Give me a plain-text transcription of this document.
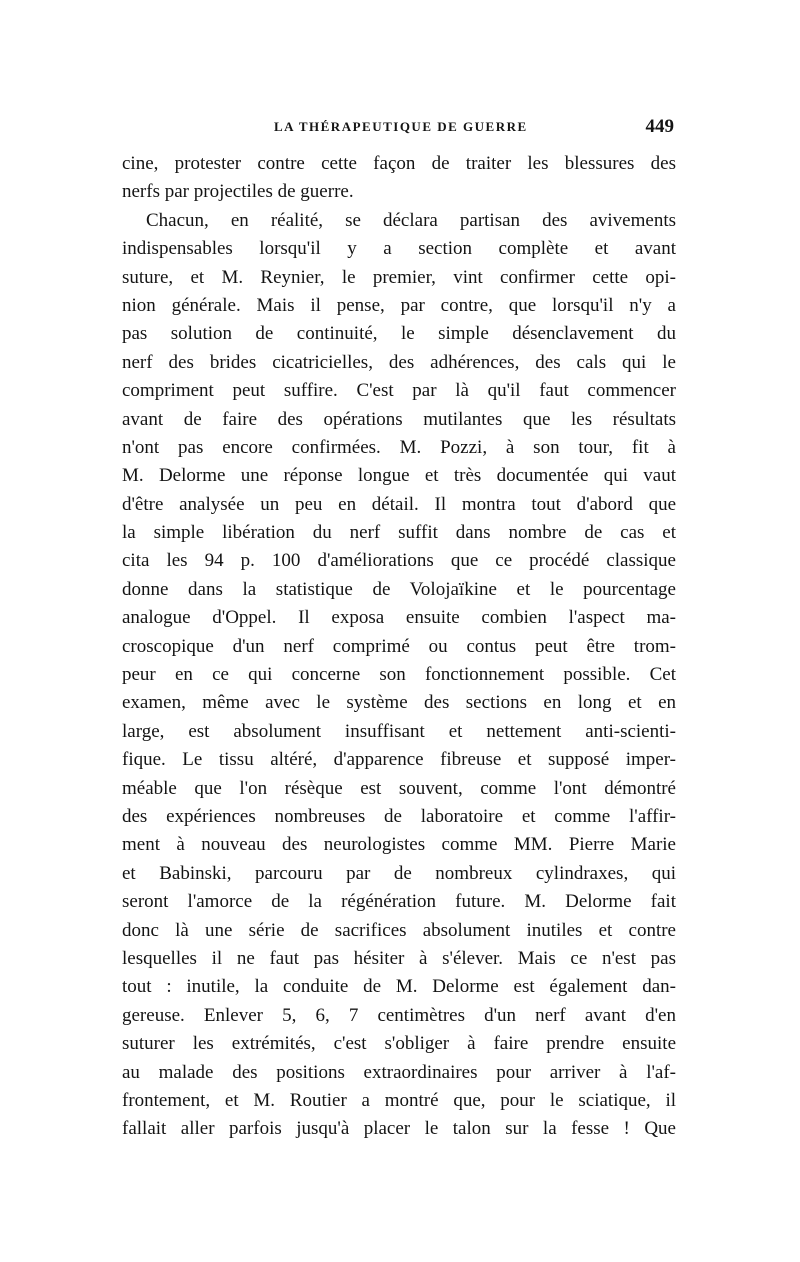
LA THÉRAPEUTIQUE DE GUERRE	449
cine, protester contre cette façon de traiter les blessures des
nerfs par projectiles de guerre.
Chacun, en réalité, se déclara partisan des avivements
indispensables lorsqu'il y a section complète et avant
suture, et M. Reynier, le premier, vint confirmer cette opi-
nion générale. Mais il pense, par contre, que lorsqu'il n'y a
pas solution de continuité, le simple désenclavement du
nerf des brides cicatricielles, des adhérences, des cals qui le
compriment peut suffire. C'est par là qu'il faut commencer
avant de faire des opérations mutilantes que les résultats
n'ont pas encore confirmées. M. Pozzi, à son tour, fit à
M. Delorme une réponse longue et très documentée qui vaut
d'être analysée un peu en détail. Il montra tout d'abord que
la simple libération du nerf suffit dans nombre de cas et
cita les 94 p. 100 d'améliorations que ce procédé classique
donne dans la statistique de Volojaïkine et le pourcentage
analogue d'Oppel. Il exposa ensuite combien l'aspect ma-
croscopique d'un nerf comprimé ou contus peut être trom-
peur en ce qui concerne son fonctionnement possible. Cet
examen, même avec le système des sections en long et en
large, est absolument insuffisant et nettement anti-scienti-
fique. Le tissu altéré, d'apparence fibreuse et supposé imper-
méable que l'on résèque est souvent, comme l'ont démontré
des expériences nombreuses de laboratoire et comme l'affir-
ment à nouveau des neurologistes comme MM. Pierre Marie
et Babinski, parcouru par de nombreux cylindraxes, qui
seront l'amorce de la régénération future. M. Delorme fait
donc là une série de sacrifices absolument inutiles et contre
lesquelles il ne faut pas hésiter à s'élever. Mais ce n'est pas
tout : inutile, la conduite de M. Delorme est également dan-
gereuse. Enlever 5, 6, 7 centimètres d'un nerf avant d'en
suturer les extrémités, c'est s'obliger à faire prendre ensuite
au malade des positions extraordinaires pour arriver à l'af-
frontement, et M. Routier a montré que, pour le sciatique, il
fallait aller parfois jusqu'à placer le talon sur la fesse ! Que
